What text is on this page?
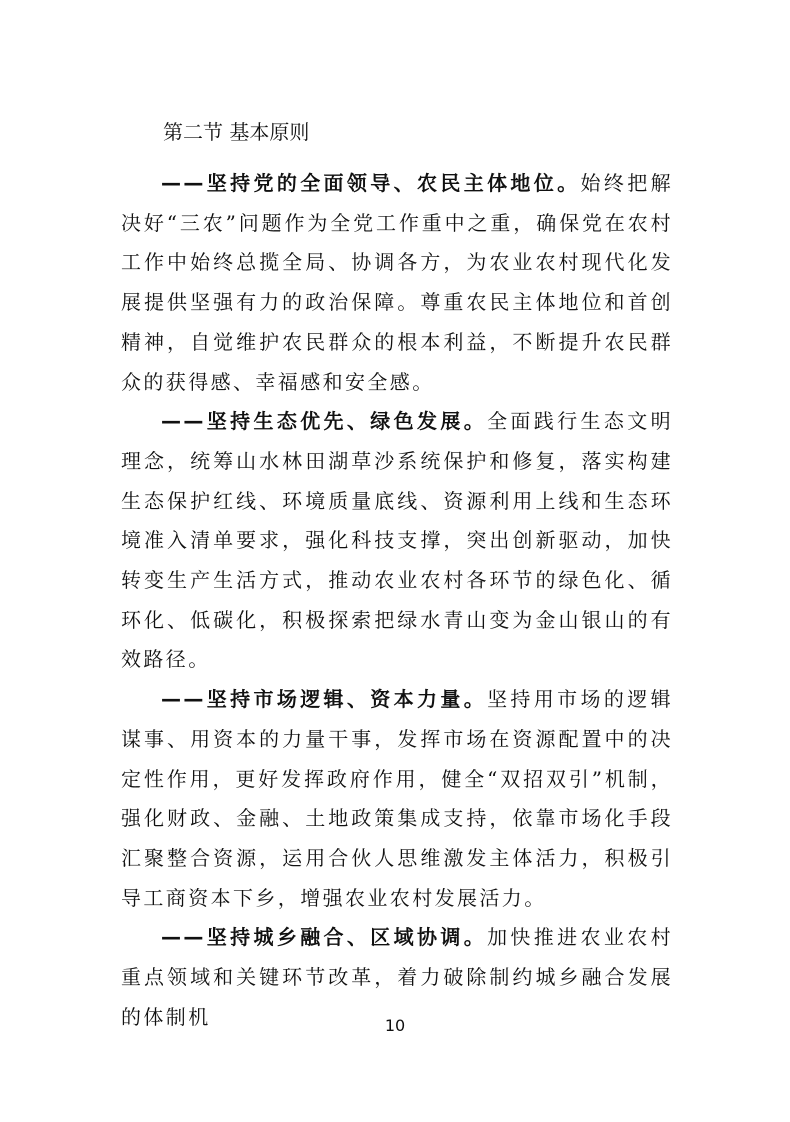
第二节 基本原则

——坚持党的全面领导、农民主体地位。始终把解决好“三农”问题作为全党工作重中之重，确保党在农村工作中始终总揽全局、协调各方，为农业农村现代化发展提供坚强有力的政治保障。尊重农民主体地位和首创精神，自觉维护农民群众的根本利益，不断提升农民群众的获得感、幸福感和安全感。

——坚持生态优先、绿色发展。全面践行生态文明理念，统筹山水林田湖草沙系统保护和修复，落实构建生态保护红线、环境质量底线、资源利用上线和生态环境准入清单要求，强化科技支撑，突出创新驱动，加快转变生产生活方式，推动农业农村各环节的绿色化、循环化、低碳化，积极探索把绿水青山变为金山银山的有效路径。

——坚持市场逻辑、资本力量。坚持用市场的逻辑谋事、用资本的力量干事，发挥市场在资源配置中的决定性作用，更好发挥政府作用，健全“双招双引”机制，强化财政、金融、土地政策集成支持，依靠市场化手段汇聚整合资源，运用合伙人思维激发主体活力，积极引导工商资本下乡，增强农业农村发展活力。

——坚持城乡融合、区域协调。加快推进农业农村重点领域和关键环节改革，着力破除制约城乡融合发展的体制机	10
